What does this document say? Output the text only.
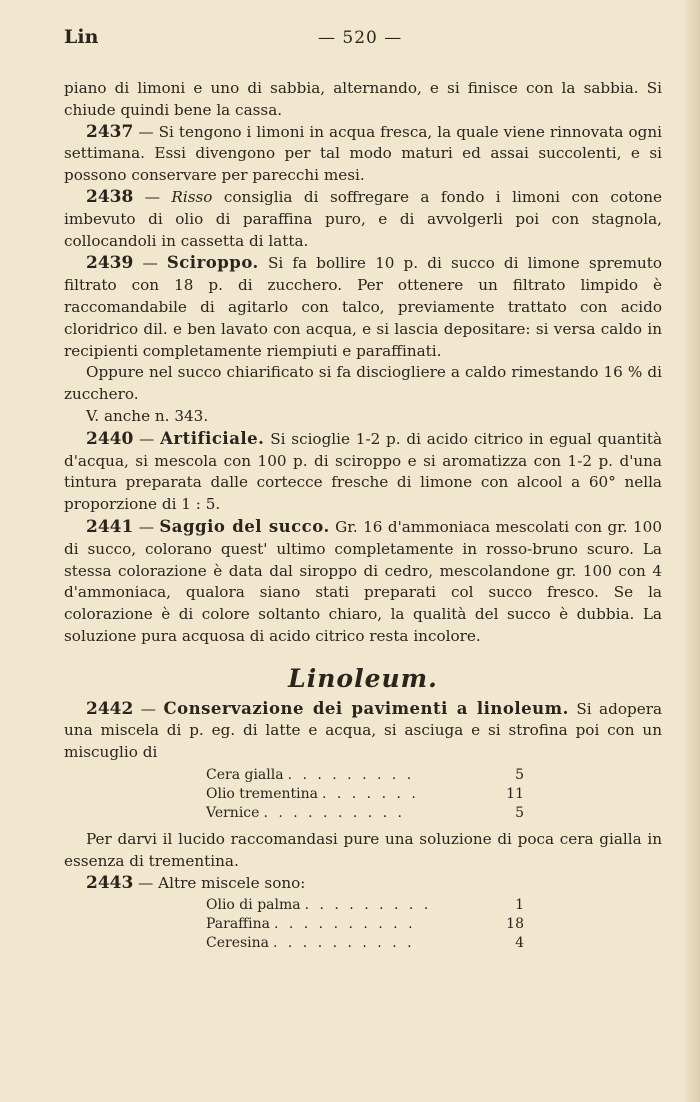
Lin	— 520 —

piano di limoni e uno di sabbia, alternando, e si finisce con la sabbia. Si chiude quindi bene la cassa.

2437 — Si tengono i limoni in acqua fresca, la quale viene rinnovata ogni settimana. Essi divengono per tal modo maturi ed assai succolenti, e si possono conservare per parecchi mesi.

2438 — Risso consiglia di soffregare a fondo i limoni con cotone imbevuto di olio di paraffina puro, e di avvolgerli poi con stagnola, collocandoli in cassetta di latta.

2439 — Sciroppo. Si fa bollire 10 p. di succo di limone spremuto filtrato con 18 p. di zucchero. Per ottenere un filtrato limpido è raccomandabile di agitarlo con talco, previamente trattato con acido cloridrico dil. e ben lavato con acqua, e si lascia depositare: si versa caldo in recipienti completamente riempiuti e paraffinati.

Oppure nel succo chiarificato si fa disciogliere a caldo rimestando 16 % di zucchero.

V. anche n. 343.

2440 — Artificiale. Si scioglie 1-2 p. di acido citrico in egual quantità d'acqua, si mescola con 100 p. di sciroppo e si aromatizza con 1-2 p. d'una tintura preparata dalle cortecce fresche di limone con alcool a 60° nella proporzione di 1 : 5.

2441 — Saggio del succo. Gr. 16 d'ammoniaca mescolati con gr. 100 di succo, colorano quest' ultimo completamente in rosso-bruno scuro. La stessa colorazione è data dal siroppo di cedro, mescolandone gr. 100 con 4 d'ammoniaca, qualora siano stati preparati col succo fresco. Se la colorazione è di colore soltanto chiaro, la qualità del succo è dubbia. La soluzione pura acquosa di acido citrico resta incolore.

Linoleum.

2442 — Conservazione dei pavimenti a linoleum. Si adopera una miscela di p. eg. di latte e acqua, si asciuga e si strofina poi con un miscuglio di

Cera gialla . . . . . . . . .	5
Olio trementina . . . . . . .	11
Vernice . . . . . . . . . .	5

Per darvi il lucido raccomandasi pure una soluzione di poca cera gialla in essenza di trementina.

2443 — Altre miscele sono:

Olio di palma . . . . . . . . .	1
Paraffina . . . . . . . . . .	18
Ceresina . . . . . . . . . .	4
